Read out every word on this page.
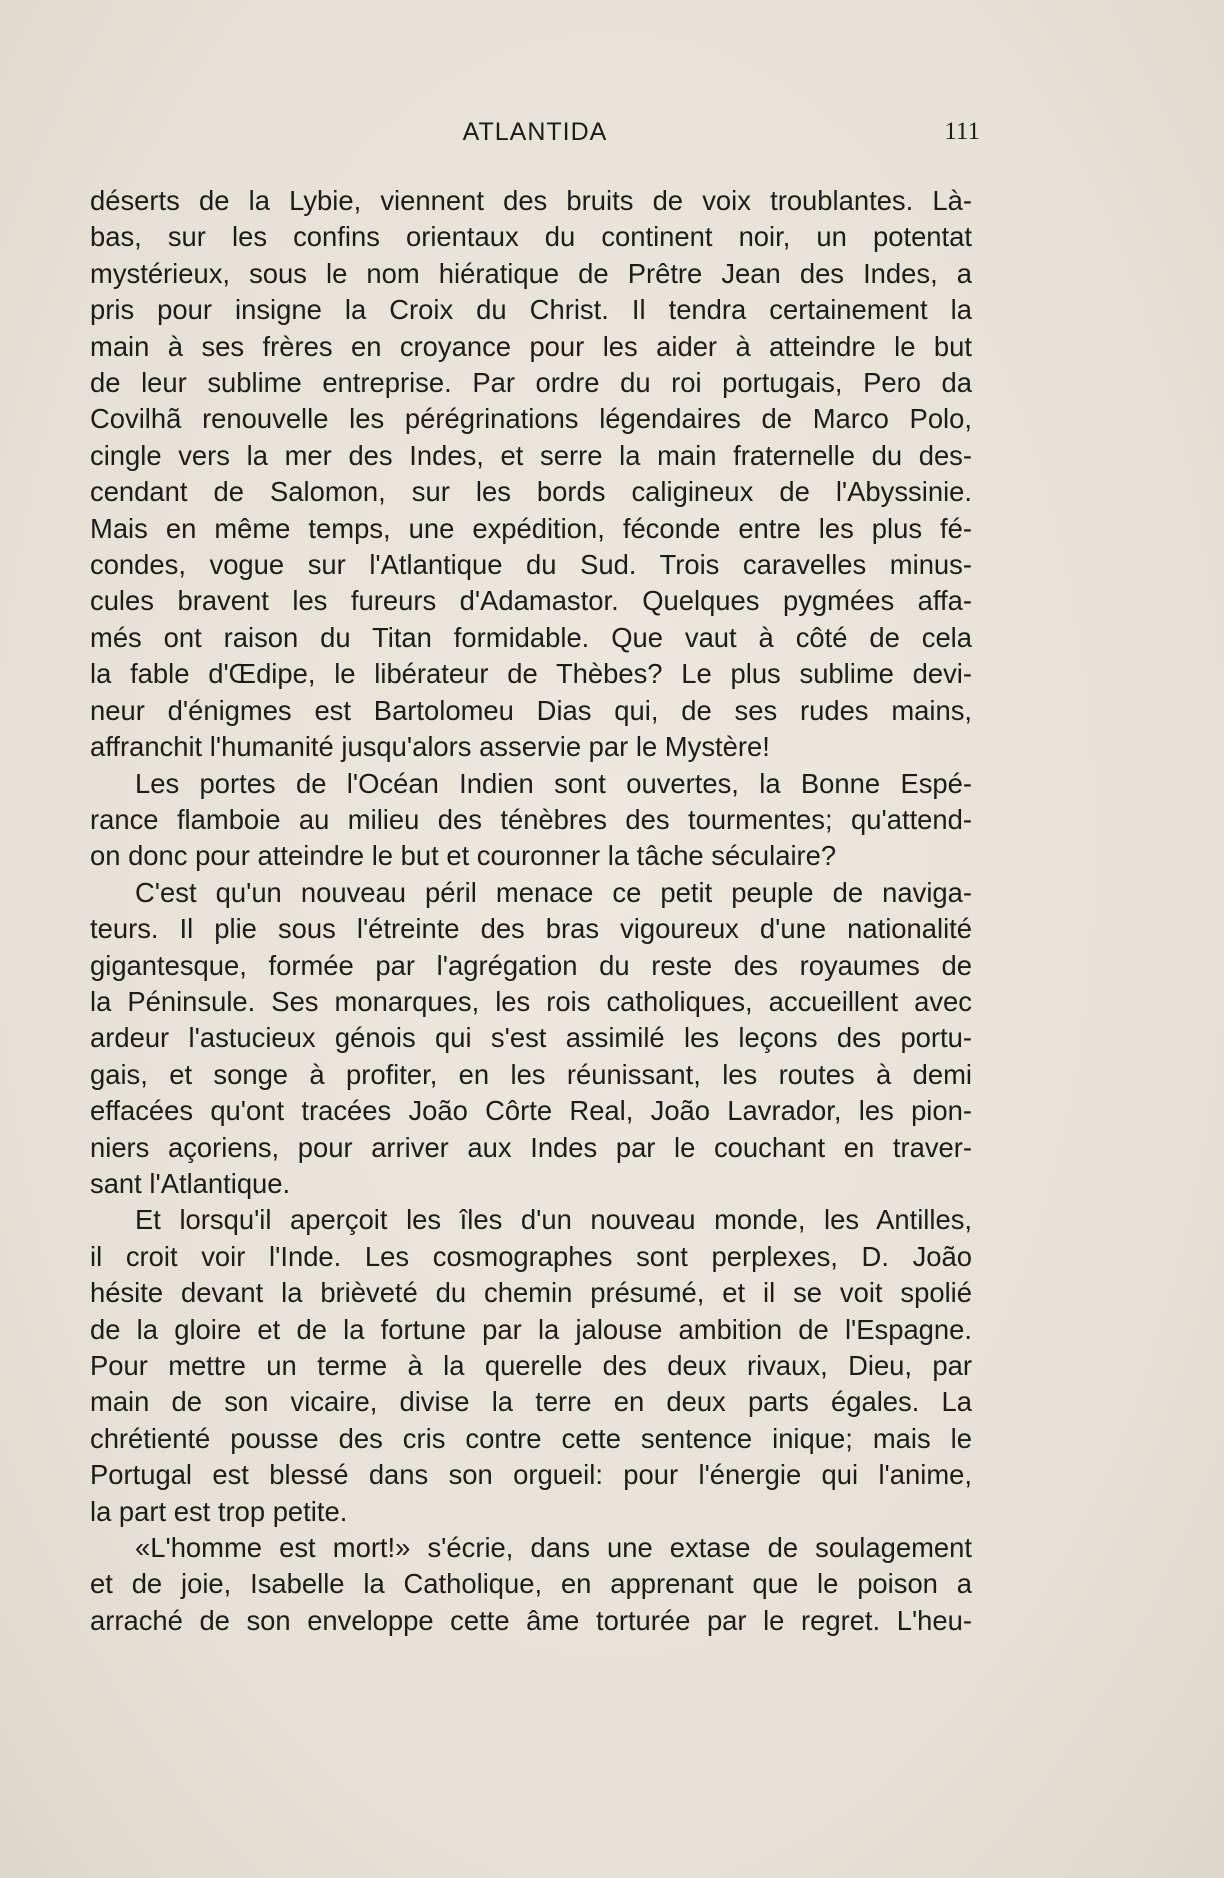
ATLANTIDA	111

déserts de la Lybie, viennent des bruits de voix troublantes. Là-

bas, sur les confins orientaux du continent noir, un potentat

mystérieux, sous le nom hiératique de Prêtre Jean des Indes, a

pris pour insigne la Croix du Christ. Il tendra certainement la

main à ses frères en croyance pour les aider à atteindre le but

de leur sublime entreprise. Par ordre du roi portugais, Pero da

Covilhã renouvelle les pérégrinations légendaires de Marco Polo,

cingle vers la mer des Indes, et serre la main fraternelle du des-

cendant de Salomon, sur les bords caligineux de l'Abyssinie.

Mais en même temps, une expédition, féconde entre les plus fé-

condes, vogue sur l'Atlantique du Sud. Trois caravelles minus-

cules bravent les fureurs d'Adamastor. Quelques pygmées affa-

més ont raison du Titan formidable. Que vaut à côté de cela

la fable d'Œdipe, le libérateur de Thèbes? Le plus sublime devi-

neur d'énigmes est Bartolomeu Dias qui, de ses rudes mains,

affranchit l'humanité jusqu'alors asservie par le Mystère!

Les portes de l'Océan Indien sont ouvertes, la Bonne Espé-

rance flamboie au milieu des ténèbres des tourmentes; qu'attend-

on donc pour atteindre le but et couronner la tâche séculaire?

C'est qu'un nouveau péril menace ce petit peuple de naviga-

teurs. Il plie sous l'étreinte des bras vigoureux d'une nationalité

gigantesque, formée par l'agrégation du reste des royaumes de

la Péninsule. Ses monarques, les rois catholiques, accueillent avec

ardeur l'astucieux génois qui s'est assimilé les leçons des portu-

gais, et songe à profiter, en les réunissant, les routes à demi

effacées qu'ont tracées João Côrte Real, João Lavrador, les pion-

niers açoriens, pour arriver aux Indes par le couchant en traver-

sant l'Atlantique.

Et lorsqu'il aperçoit les îles d'un nouveau monde, les Antilles,

il croit voir l'Inde. Les cosmographes sont perplexes, D. João

hésite devant la brièveté du chemin présumé, et il se voit spolié

de la gloire et de la fortune par la jalouse ambition de l'Espagne.

Pour mettre un terme à la querelle des deux rivaux, Dieu, par

main de son vicaire, divise la terre en deux parts égales. La

chrétienté pousse des cris contre cette sentence inique; mais le

Portugal est blessé dans son orgueil: pour l'énergie qui l'anime,

la part est trop petite.

«L'homme est mort!» s'écrie, dans une extase de soulagement

et de joie, Isabelle la Catholique, en apprenant que le poison a

arraché de son enveloppe cette âme torturée par le regret. L'heu-
